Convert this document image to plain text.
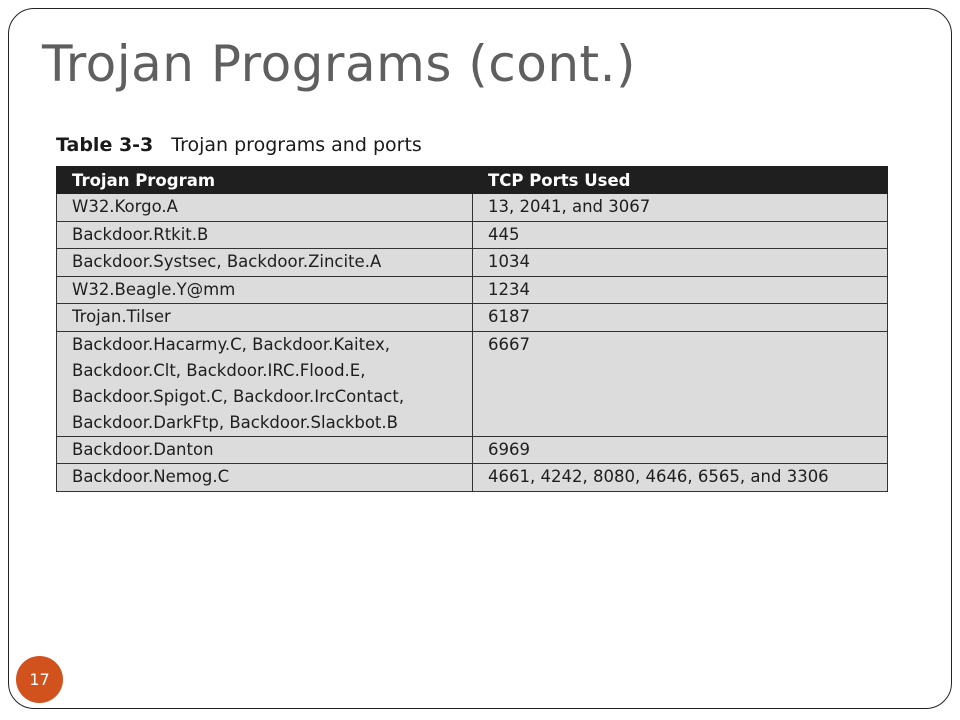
Trojan Programs (cont.)
Table 3-3 Trojan programs and ports
Trojan Program	TCP Ports Used

W32.Korgo.A	13, 2041, and 3067

Backdoor.Rtkit.B	445

Backdoor.Systsec, Backdoor.Zincite.A	1034

W32.Beagle.Y@mm	1234

Trojan.Tilser	6187

Backdoor.Hacarmy.C, Backdoor.Kaitex,
Backdoor.Clt, Backdoor.IRC.Flood.E,
Backdoor.Spigot.C, Backdoor.IrcContact,
Backdoor.DarkFtp, Backdoor.Slackbot.B	6667

Backdoor.Danton	6969

Backdoor.Nemog.C	4661, 4242, 8080, 4646, 6565, and 3306
17
